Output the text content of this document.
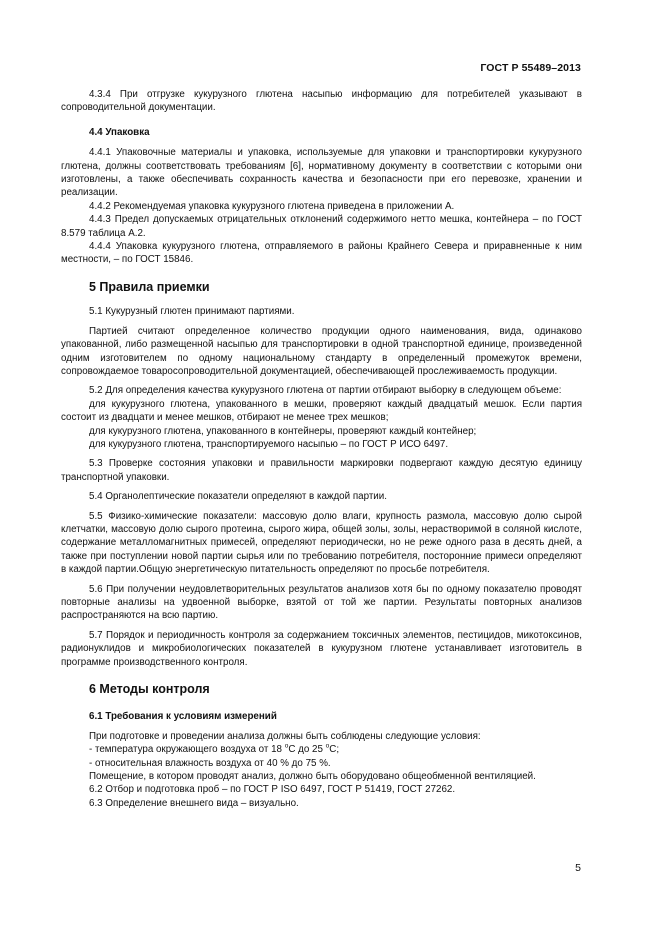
ГОСТ Р 55489–2013

4.3.4 При отгрузке кукурузного глютена насыпью информацию для потребителей указывают в сопроводительной документации.

4.4 Упаковка

4.4.1 Упаковочные материалы и упаковка, используемые для упаковки и транспортировки кукурузного глютена, должны соответствовать требованиям [6], нормативному документу в соответствии с которыми они изготовлены, а также обеспечивать сохранность качества и безопасности при его перевозке, хранении и реализации.

4.4.2 Рекомендуемая упаковка кукурузного глютена приведена в приложении А.

4.4.3 Предел допускаемых отрицательных отклонений содержимого нетто мешка, контейнера – по ГОСТ 8.579 таблица А.2.

4.4.4 Упаковка кукурузного глютена, отправляемого в районы Крайнего Севера и приравненные к ним местности, – по ГОСТ 15846.

5 Правила приемки

5.1 Кукурузный глютен принимают партиями.

Партией считают определенное количество продукции одного наименования, вида, одинаково упакованной, либо размещенной насыпью для транспортировки в одной транспортной единице, произведенной одним изготовителем по одному национальному стандарту в определенный промежуток времени, сопровождаемое товаросопроводительной документацией, обеспечивающей прослеживаемость продукции.

5.2 Для определения качества кукурузного глютена от партии отбирают выборку в следующем объеме:

для кукурузного глютена, упакованного в мешки, проверяют каждый двадцатый мешок. Если партия состоит из двадцати и менее мешков, отбирают не менее трех мешков;

для кукурузного глютена, упакованного в контейнеры, проверяют каждый контейнер;

для кукурузного глютена, транспортируемого насыпью – по ГОСТ Р ИСО 6497.

5.3 Проверке состояния упаковки и правильности маркировки подвергают каждую десятую единицу транспортной упаковки.

5.4 Органолептические показатели определяют в каждой партии.

5.5 Физико-химические показатели: массовую долю влаги, крупность размола, массовую долю сырой клетчатки, массовую долю сырого протеина, сырого жира, общей золы, золы, нерастворимой в соляной кислоте, содержание металломагнитных примесей, определяют периодически, но не реже одного раза в десять дней, а также при поступлении новой партии сырья или по требованию потребителя, посторонние примеси определяют в каждой партии.Общую энергетическую питательность определяют по просьбе потребителя.

5.6 При получении неудовлетворительных результатов анализов хотя бы по одному показателю проводят повторные анализы на удвоенной выборке, взятой от той же партии. Результаты повторных анализов распространяются на всю партию.

5.7 Порядок и периодичность контроля за содержанием токсичных элементов, пестицидов, микотоксинов, радионуклидов и микробиологических показателей в кукурузном глютене устанавливает изготовитель в программе производственного контроля.

6 Методы контроля

6.1 Требования к условиям измерений

При подготовке и проведении анализа должны быть соблюдены следующие условия:

- температура окружающего воздуха от 18 $^о$С до 25 $^о$С;

- относительная влажность воздуха от 40 % до 75 %.

Помещение, в котором проводят анализ, должно быть оборудовано общеобменной вентиляцией.

6.2 Отбор и подготовка проб – по ГОСТ Р ISO 6497, ГОСТ Р 51419, ГОСТ 27262.

6.3 Определение внешнего вида – визуально.

5
